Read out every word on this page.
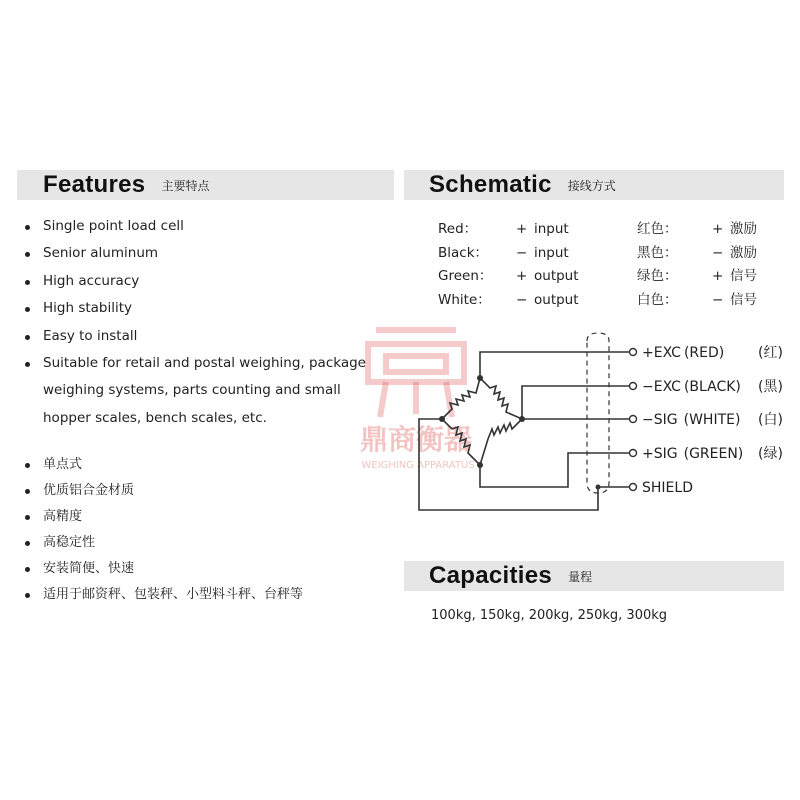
Features 主要特点
Single point load cell
Senior aluminum
High accuracy
High stability
Easy to install
Suitable for retail and postal weighing, package
weighing systems, parts counting and small
hopper scales, bench scales, etc.
单点式
优质铝合金材质
高精度
高稳定性
安装简便、快速
适用于邮资秤、包装秤、小型料斗秤、台秤等
Schematic 接线方式
Red：	+ input
Black： − input
Green： + output
White： − output
红色：	+ 激励
黑色：	− 激励
绿色：	+ 信号
白色：	− 信号
鼎商衡器
WEIGHING APPARATUS
+EXC (RED) (红)
−EXC (BLACK) (黑)
−SIG (WHITE) (白)
+SIG (GREEN) (绿)
SHIELD
Capacities 量程
100kg, 150kg, 200kg, 250kg, 300kg
